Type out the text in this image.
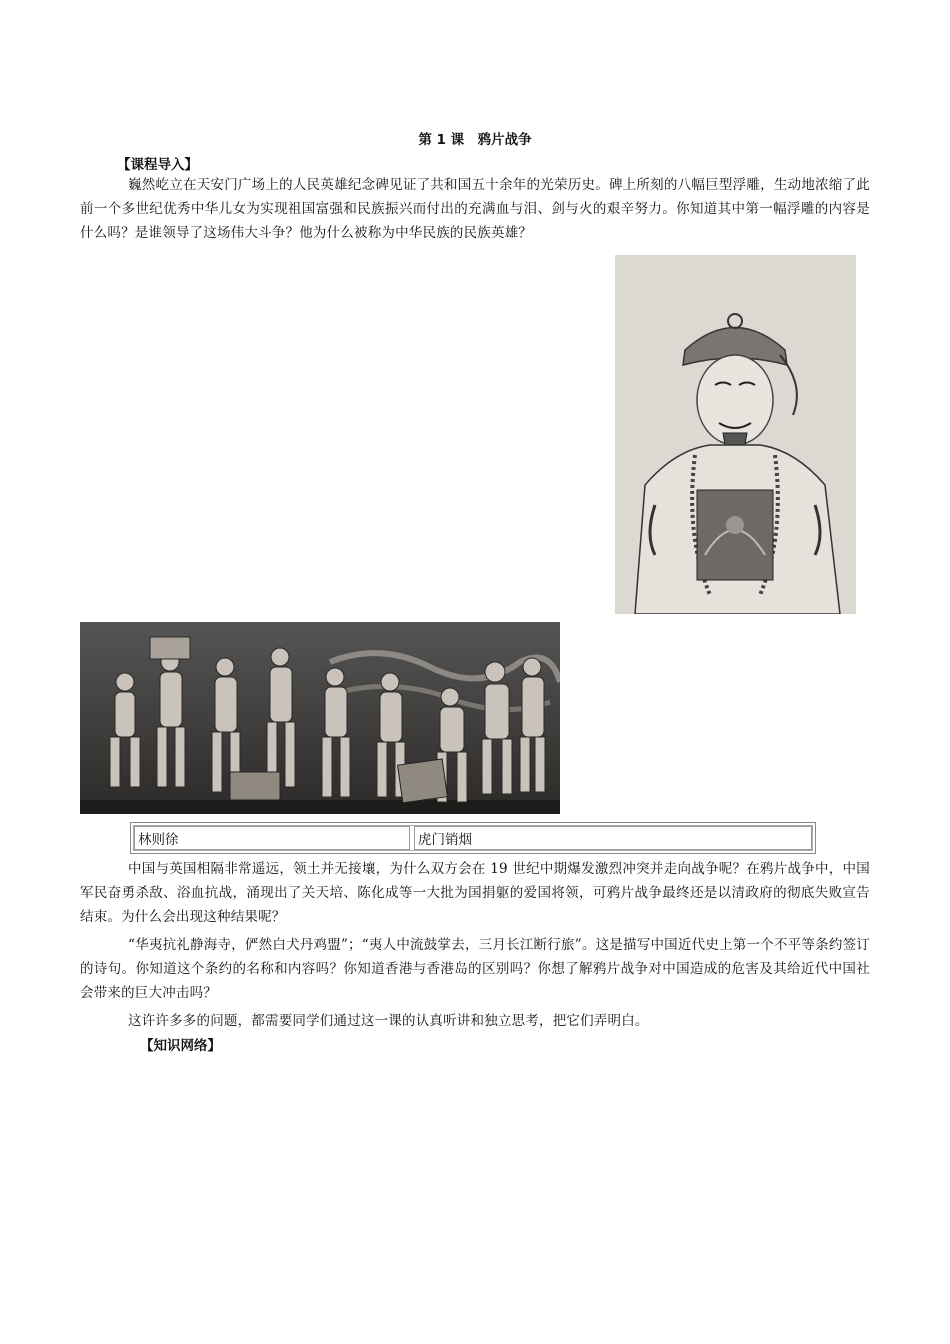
第 1 课　鸦片战争
【课程导入】
巍然屹立在天安门广场上的人民英雄纪念碑见证了共和国五十余年的光荣历史。碑上所刻的八幅巨型浮雕，生动地浓缩了此前一个多世纪优秀中华儿女为实现祖国富强和民族振兴而付出的充满血与泪、剑与火的艰辛努力。你知道其中第一幅浮雕的内容是什么吗？是谁领导了这场伟大斗争？他为什么被称为中华民族的民族英雄？
林则徐	虎门销烟
中国与英国相隔非常遥远，领土并无接壤，为什么双方会在 19 世纪中期爆发激烈冲突并走向战争呢？在鸦片战争中，中国军民奋勇杀敌、浴血抗战，涌现出了关天培、陈化成等一大批为国捐躯的爱国将领，可鸦片战争最终还是以清政府的彻底失败宣告结束。为什么会出现这种结果呢？
“华夷抗礼静海寺，俨然白犬丹鸡盟”；“夷人中流鼓掌去，三月长江断行旅”。这是描写中国近代史上第一个不平等条约签订的诗句。你知道这个条约的名称和内容吗？你知道香港与香港岛的区别吗？你想了解鸦片战争对中国造成的危害及其给近代中国社会带来的巨大冲击吗？
这许许多多的问题，都需要同学们通过这一课的认真听讲和独立思考，把它们弄明白。
【知识网络】
